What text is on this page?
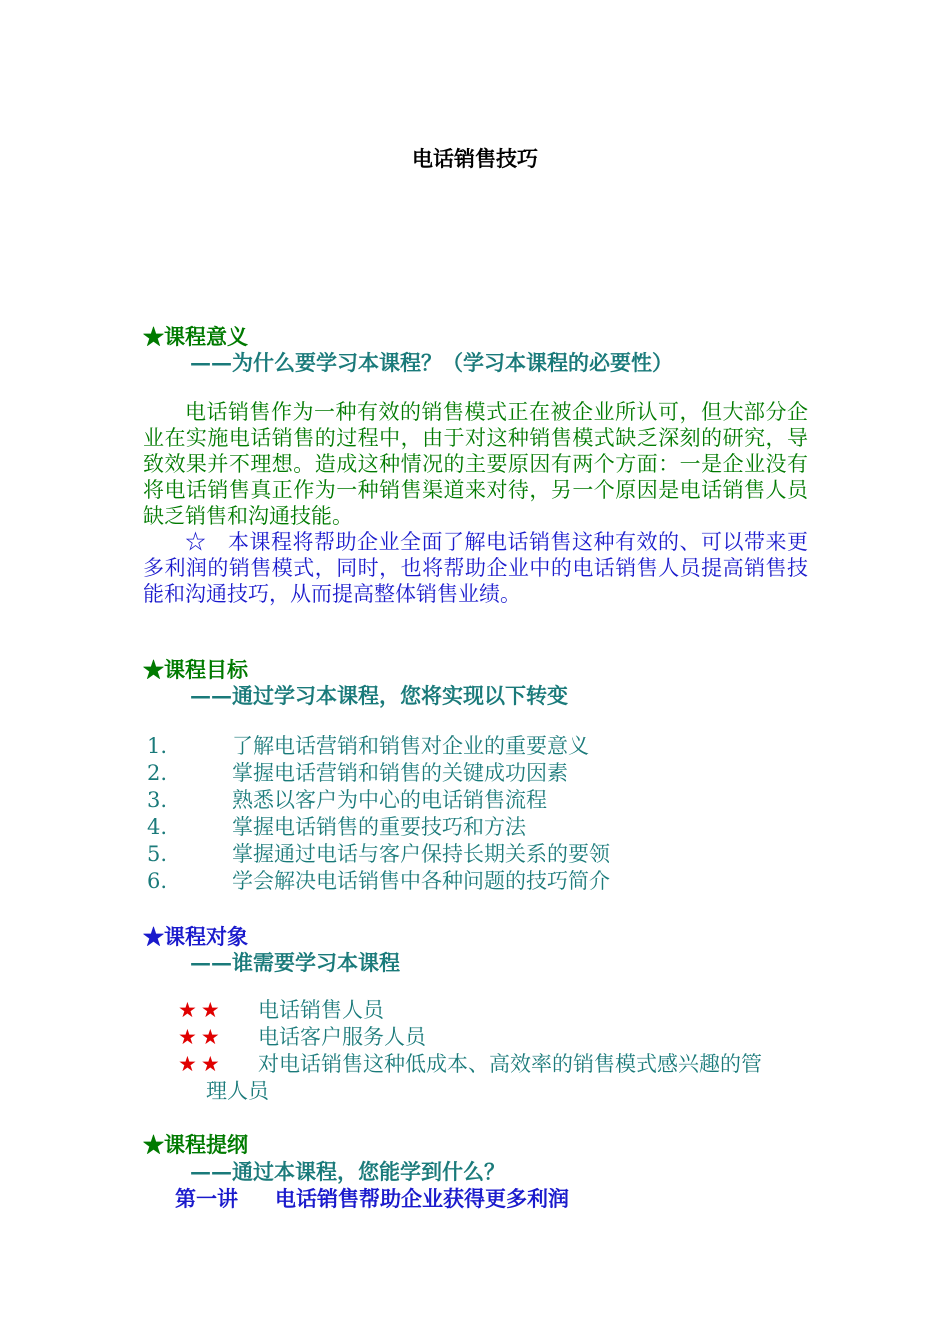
电话销售技巧
★课程意义
——为什么要学习本课程？（学习本课程的必要性）

电话销售作为一种有效的销售模式正在被企业所认可，但大部分企业在实施电话销售的过程中，由于对这种销售模式缺乏深刻的研究，导致效果并不理想。造成这种情况的主要原因有两个方面：一是企业没有将电话销售真正作为一种销售渠道来对待，另一个原因是电话销售人员缺乏销售和沟通技能。

☆　本课程将帮助企业全面了解电话销售这种有效的、可以带来更多利润的销售模式，同时，也将帮助企业中的电话销售人员提高销售技能和沟通技巧，从而提高整体销售业绩。

★课程目标
——通过学习本课程，您将实现以下转变
1.	了解电话营销和销售对企业的重要意义
2.	掌握电话营销和销售的关键成功因素
3.	熟悉以客户为中心的电话销售流程
4.	掌握电话销售的重要技巧和方法
5.	掌握通过电话与客户保持长期关系的要领
6.	学会解决电话销售中各种问题的技巧简介
★课程对象
——谁需要学习本课程
★★	电话销售人员
★★	电话客户服务人员
★★	对电话销售这种低成本、高效率的销售模式感兴趣的管
理人员
★课程提纲
——通过本课程，您能学到什么？
第一讲 电话销售帮助企业获得更多利润
